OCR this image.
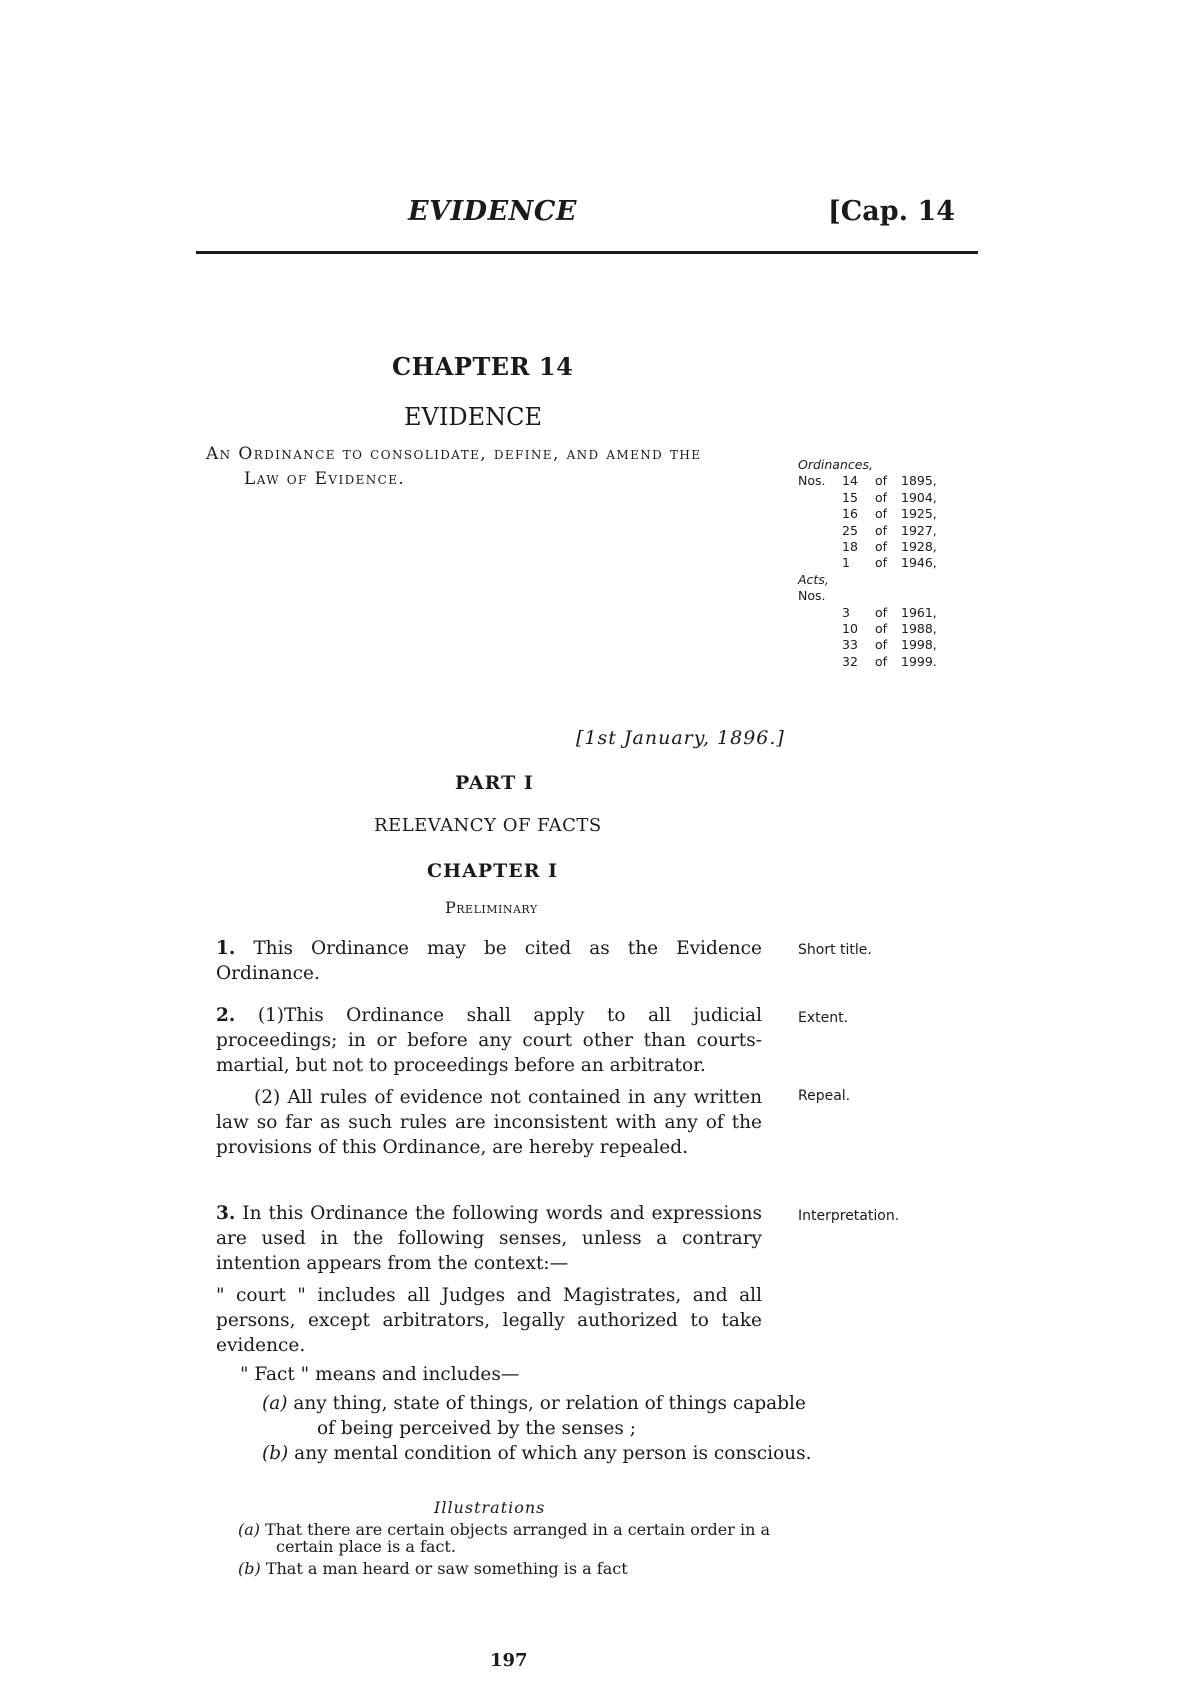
EVIDENCE	[Cap. 14
CHAPTER 14
EVIDENCE
An Ordinance to consolidate, define, and amend the
Law of Evidence.
Ordinances,
Nos.	14	of	1895,
15	of	1904,
16	of	1925,
25	of	1927,
18	of	1928,
1	of	1946,
Acts,
Nos.
3	of	1961,
10	of	1988,
33	of	1998,
32	of	1999.
[1st January, 1896.]
PART I
RELEVANCY OF FACTS
CHAPTER I
Preliminary

1. This Ordinance may be cited as the Evidence Ordinance.

Short title.

2. (1)This Ordinance shall apply to all judicial proceedings; in or before any court other than courts-martial, but not to proceedings before an arbitrator.

Extent.

(2) All rules of evidence not contained in any written law so far as such rules are inconsistent with any of the provisions of this Ordinance, are hereby repealed.

Repeal.

3. In this Ordinance the following words and expressions are used in the following senses, unless a contrary intention appears from the context:—

Interpretation.

" court " includes all Judges and Magistrates, and all persons, except arbitrators, legally authorized to take evidence.

" Fact " means and includes—

(a) any thing, state of things, or relation of things capable of being perceived by the senses ;

(b) any mental condition of which any person is conscious.

Illustrations

(a) That there are certain objects arranged in a certain order in a certain place is a fact.

(b) That a man heard or saw something is a fact

197
